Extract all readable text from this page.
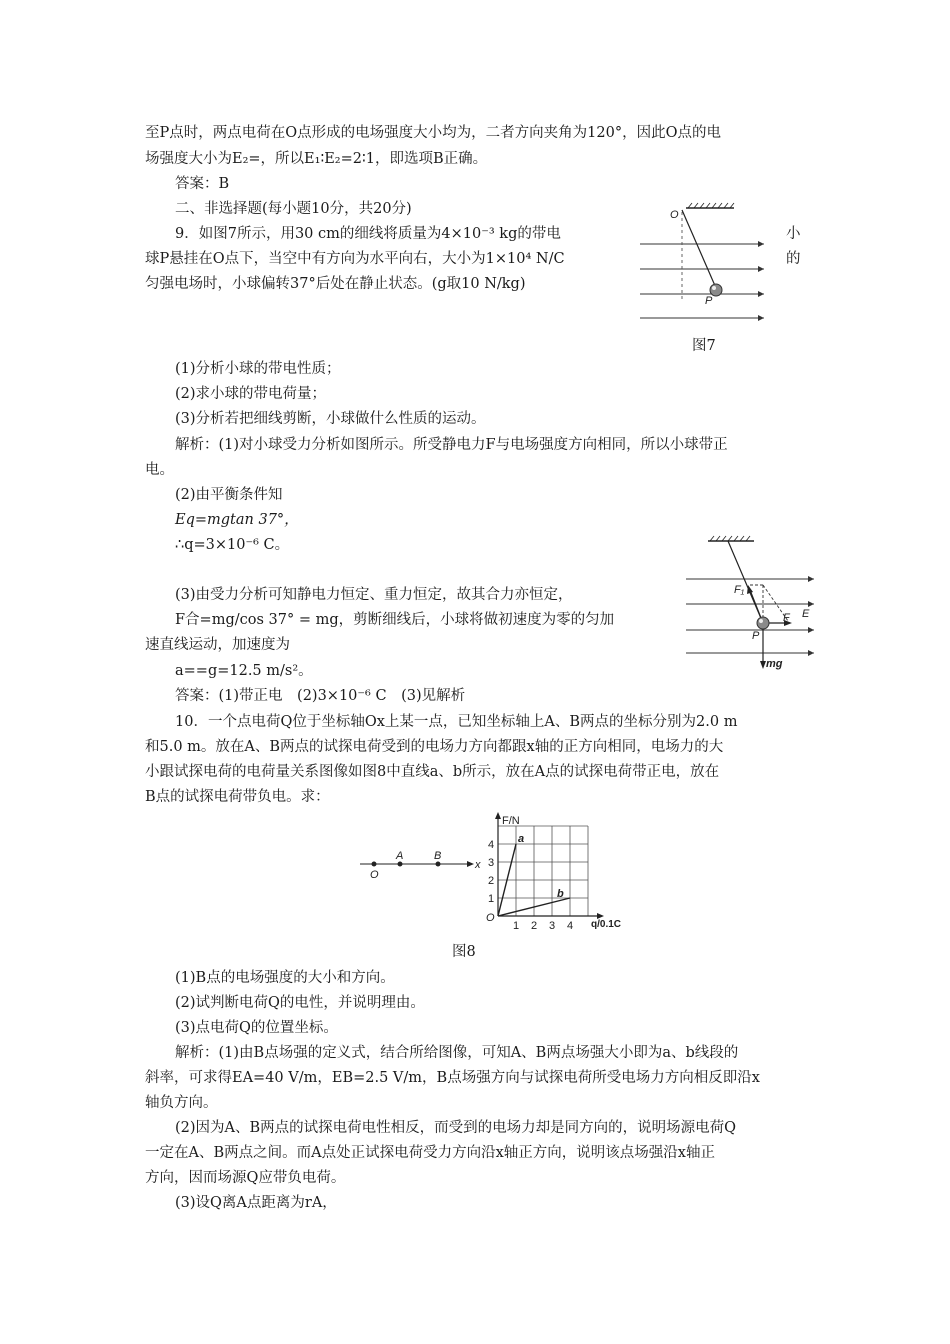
至P点时，两点电荷在O点形成的电场强度大小均为，二者方向夹角为120°，因此O点的电
场强度大小为E₂=，所以E₁∶E₂=2∶1，即选项B正确。
答案：B
二、非选择题(每小题10分，共20分)
9．如图7所示，用30 cm的细线将质量为4×10⁻³ kg的带电	小
球P悬挂在O点下，当空中有方向为水平向右，大小为1×10⁴ N/C	的
匀强电场时，小球偏转37°后处在静止状态。(g取10 N/kg)
O
P
图7
(1)分析小球的带电性质；
(2)求小球的带电荷量；
(3)分析若把细线剪断，小球做什么性质的运动。
解析：(1)对小球受力分析如图所示。所受静电力F与电场强度方向相同，所以小球带正
电。
(2)由平衡条件知
Eq=mgtan 37°，
∴q=3×10⁻⁶ C。
(3)由受力分析可知静电力恒定、重力恒定，故其合力亦恒定，
F合=mg/cos 37° = mg，剪断细线后，小球将做初速度为零的匀加
速直线运动，加速度为
a==g=12.5 m/s²。
答案：(1)带正电　(2)3×10⁻⁶ C　(3)见解析
F₁
E
F
P
mg
10．一个点电荷Q位于坐标轴Ox上某一点，已知坐标轴上A、B两点的坐标分别为2.0 m
和5.0 m。放在A、B两点的试探电荷受到的电场力方向都跟x轴的正方向相同，电场力的大
小跟试探电荷的电荷量关系图像如图8中直线a、b所示，放在A点的试探电荷带正电，放在
B点的试探电荷带负电。求：
O
A	B
x
4
3
2
1
1 2 3 4
F/N
q/0.1C
O
a
b
图8
(1)B点的电场强度的大小和方向。
(2)试判断电荷Q的电性，并说明理由。
(3)点电荷Q的位置坐标。
解析：(1)由B点场强的定义式，结合所给图像，可知A、B两点场强大小即为a、b线段的
斜率，可求得EA=40 V/m，EB=2.5 V/m，B点场强方向与试探电荷所受电场力方向相反即沿x
轴负方向。
(2)因为A、B两点的试探电荷电性相反，而受到的电场力却是同方向的，说明场源电荷Q
一定在A、B两点之间。而A点处正试探电荷受力方向沿x轴正方向，说明该点场强沿x轴正
方向，因而场源Q应带负电荷。
(3)设Q离A点距离为rA，
